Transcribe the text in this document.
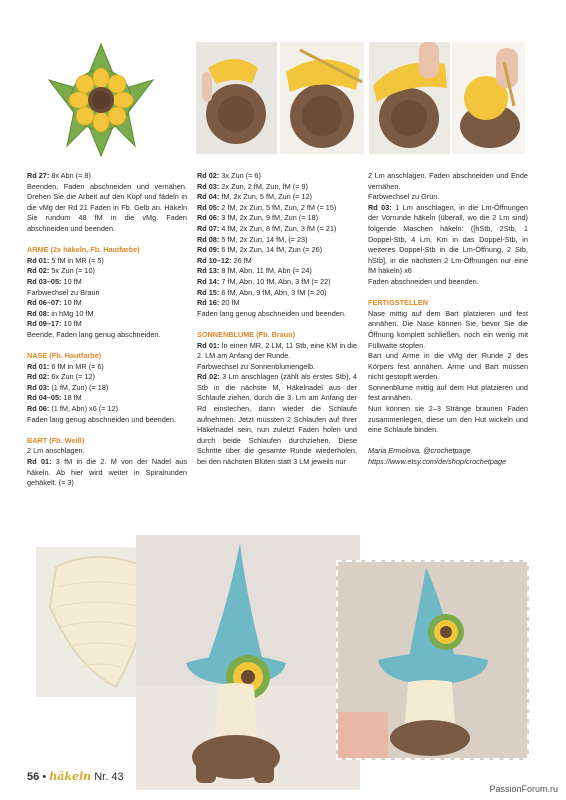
Rd 27: 8x Abn (= 8)

Beenden, Faden abschneiden und vernähen. Drehen Sie die Arbeit auf den Kopf und fädeln in die vMg der Rd 21 Faden in Fb. Gelb an. Häkeln Sie rundum 48 fM in die vMg. Faden abschneiden und beenden.

ARME (2x häkeln, Fb. Hautfarbe)

Rd 01: 5 fM in MR (= 5)

Rd 02: 5x Zun (= 10)

Rd 03–05: 10 fM

Farbwechsel zu Braun

Rd 06–07: 10 fM

Rd 08: in hMg 10 fM

Rd 09–17: 10 fM

Beende, Faden lang genug abschneiden.

NASE (Fb. Hautfarbe)

Rd 01: 6 fM in MR (= 6)

Rd 02: 6x Zun (= 12)

Rd 03: (1 fM, Zun) (= 18)

Rd 04–05: 18 fM

Rd 06: (1 fM, Abn) x6 (= 12)

Faden lang genug abschneiden und beenden.

BART (Fb. Weiß)

2 Lm anschlagen.

Rd 01: 3 fM in die 2. M von der Nadel aus häkeln. Ab hier wird weiter in Spiralrunden gehäkelt. (= 3)

Rd 02: 3x Zun (= 6)

Rd 03: 2x Zun, 2 fM, Zun, fM (= 9)

Rd 04: fM, 2x Zun, 5 fM, Zun (= 12)

Rd 05: 2 fM, 2x Zun, 5 fM, Zun, 2 fM (= 15)

Rd 06: 3 fM, 2x Zun, 9 fM, Zun (= 18)

Rd 07: 4 fM, 2x Zun, 8 fM, Zun, 3 fM (= 21)

Rd 08: 5 fM, 2x Zun, 14 fM, (= 23)

Rd 09: 6 fM, 2x Zun, 14 fM, Zun (= 26)

Rd 10–12: 26 fM

Rd 13: 8 fM, Abn, 11 fM, Abn (= 24)

Rd 14: 7 fM, Abn, 10 fM, Abn, 3 fM (= 22)

Rd 15: 6 fM, Abn, 9 fM, Abn, 3 fM (= 20)

Rd 16: 20 fM

Faden lang genug abschneiden und beenden.

SONNENBLUME (Fb. Braun)

Rd 01: In einen MR, 2 LM, 11 Stb, eine KM in die 2. LM am Anfang der Runde.

Farbwechsel zu Sonnenblumengelb.

Rd 02: 3 Lm anschlagen (zählt als erstes Stb), 4 Stb in die nächste M, Häkelnadel aus der Schlaufe ziehen, durch die 3. Lm am Anfang der Rd einstechen, dann wieder die Schlaufe aufnehmen. Jetzt müssten 2 Schlaufen auf Ihrer Häkelnadel sein, nun zuletzt Faden holen und durch beide Schlaufen durchziehen. Diese Schritte über die gesamte Runde wiederholen, bei den nächsten Blüten statt 3 LM jeweils nur

2 Lm anschlagen. Faden abschneiden und Ende vernähen.

Farbwechsel zu Grün.

Rd 03: 1 Lm anschlagen, in die Lm-Öffnungen der Vorrunde häkeln (überall, wo die 2 Lm sind) folgende Maschen häkeln: ([hStb, 2Stb, 1 Doppel-Stb, 4 Lm, Km in das Doppel-Stb, in weiteres Doppel-Stb in die Lm-Öffnung, 2 Stb, hStb], in die nächsten 2 Lm-Öffnungen nur eine fM häkeln) x6

Faden abschneiden und beenden.

FERTIGSTELLEN

Nase mittig auf dem Bart platzieren und fest annähen. Die Nase können Sie, bevor Sie die Öffnung komplett schließen, noch ein wenig mit Füllwatte stopfen.

Bart und Arme in die vMg der Runde 2 des Körpers fest annähen. Arme und Bart müssen nicht gestopft werden.

Sonnenblume mittig auf dem Hut platzieren und fest annähen.

Nun können sie 2–3 Stränge braunen Faden zusammenlegen, diese um den Hut wickeln und eine Schlaufe binden.

Maria Ermolova, @crochetpage

https://www.etsy.com/de/shop/crochetpage

56 • häkeln Nr. 43
PassionForum.ru
